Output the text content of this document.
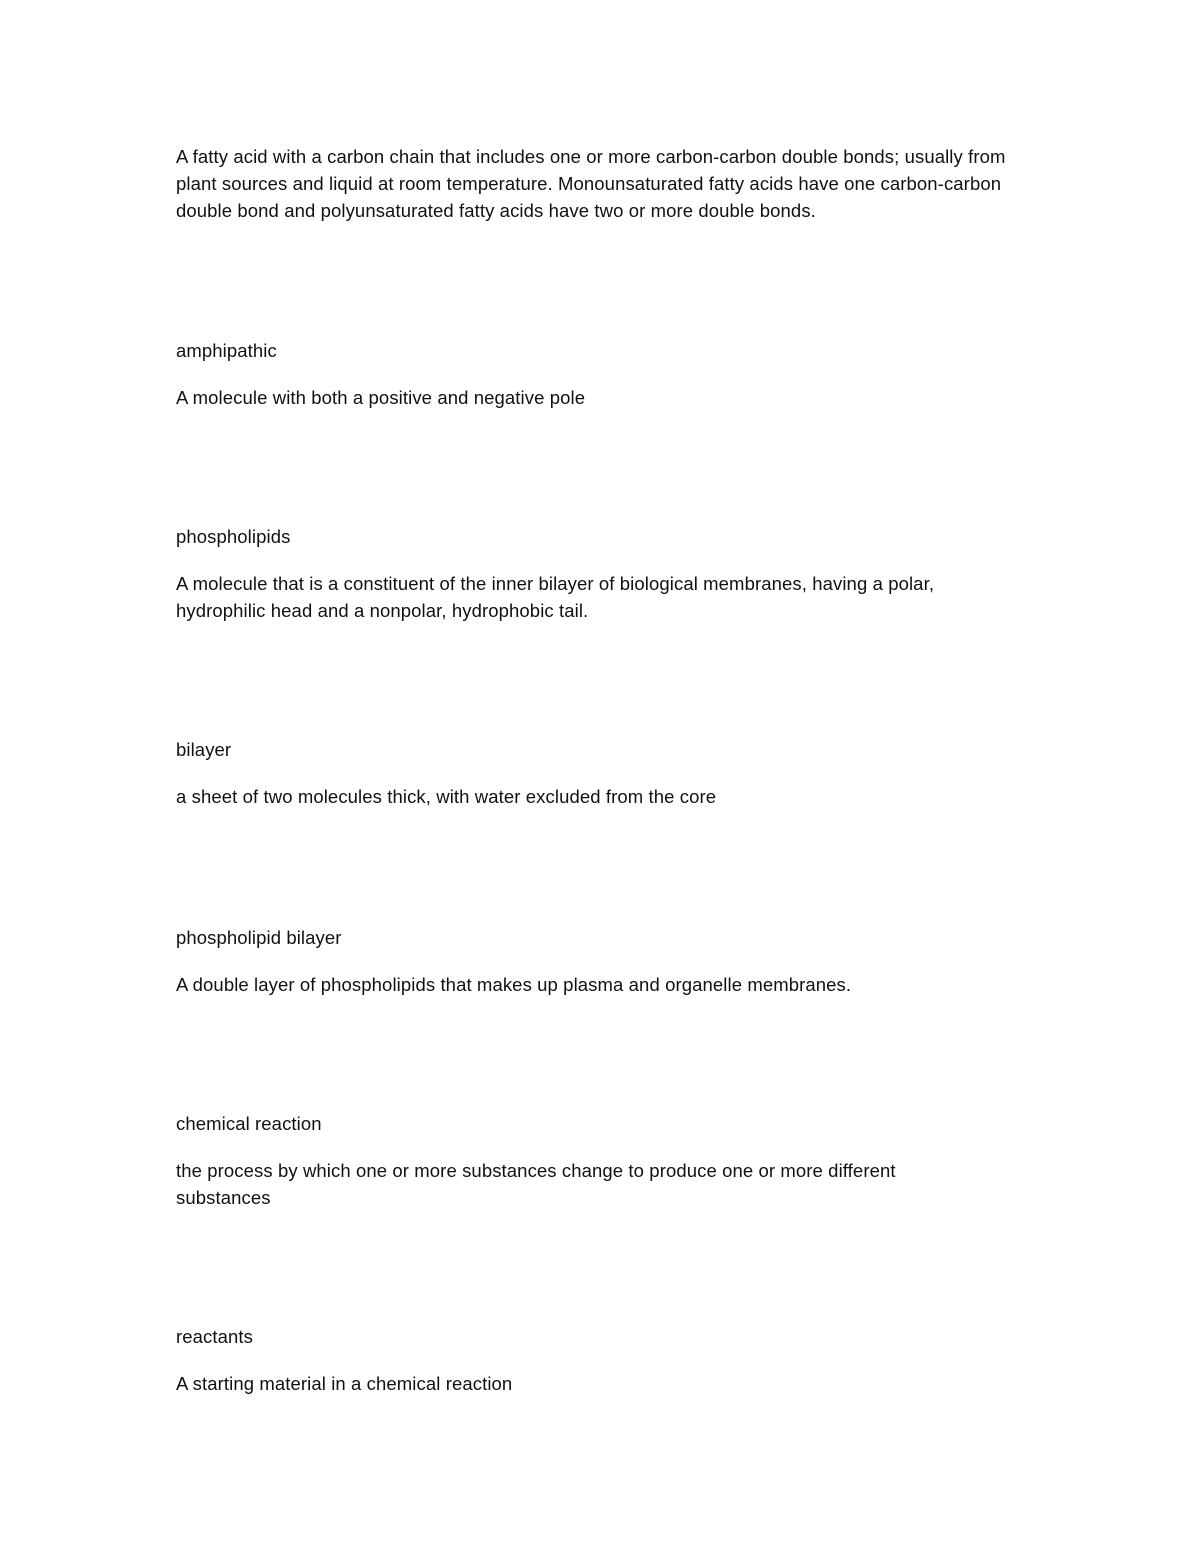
A fatty acid with a carbon chain that includes one or more carbon-carbon double bonds; usually from plant sources and liquid at room temperature. Monounsaturated fatty acids have one carbon-carbon double bond and polyunsaturated fatty acids have two or more double bonds.

amphipathic

A molecule with both a positive and negative pole

phospholipids

A molecule that is a constituent of the inner bilayer of biological membranes, having a polar, hydrophilic head and a nonpolar, hydrophobic tail.

bilayer

a sheet of two molecules thick, with water excluded from the core

phospholipid bilayer

A double layer of phospholipids that makes up plasma and organelle membranes.

chemical reaction

the process by which one or more substances change to produce one or more different substances

reactants

A starting material in a chemical reaction
